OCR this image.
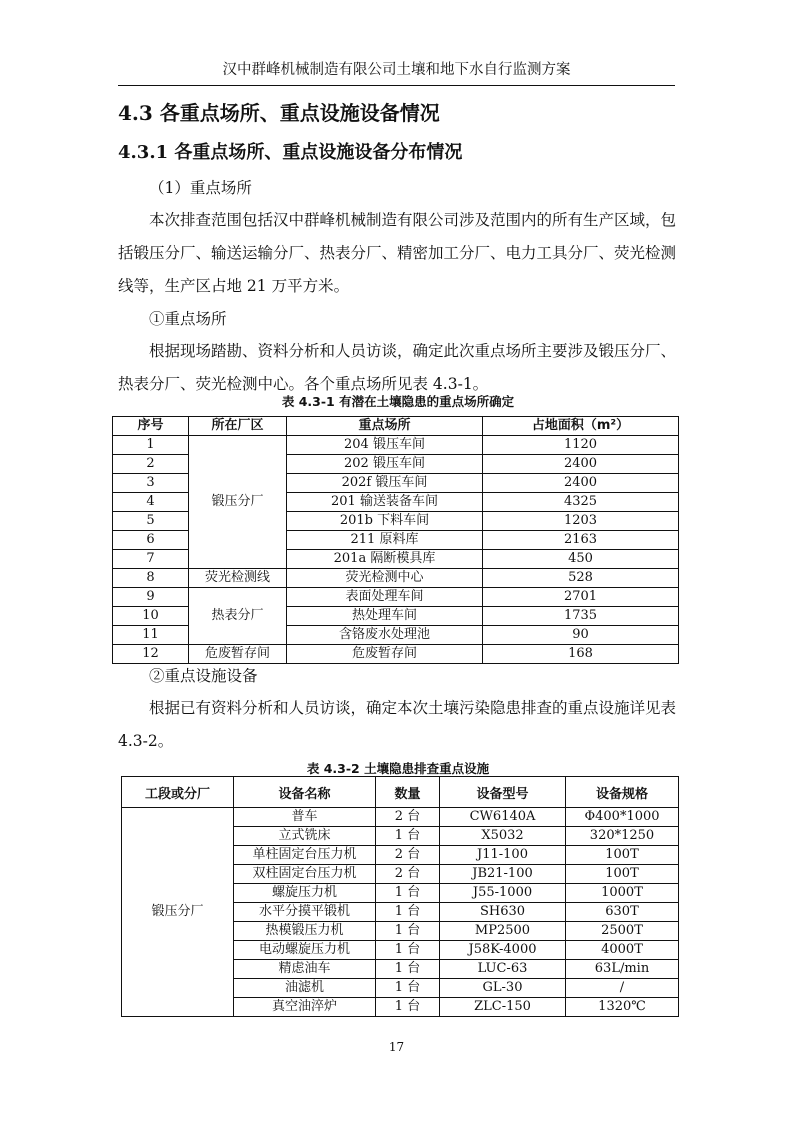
汉中群峰机械制造有限公司土壤和地下水自行监测方案
4.3 各重点场所、重点设施设备情况
4.3.1 各重点场所、重点设施设备分布情况

（1）重点场所

本次排查范围包括汉中群峰机械制造有限公司涉及范围内的所有生产区域，包括锻压分厂、输送运输分厂、热表分厂、精密加工分厂、电力工具分厂、荧光检测线等，生产区占地 21 万平方米。

①重点场所

根据现场踏勘、资料分析和人员访谈，确定此次重点场所主要涉及锻压分厂、热表分厂、荧光检测中心。各个重点场所见表 4.3-1。

表 4.3-1 有潜在土壤隐患的重点场所确定
序号	所在厂区	重点场所	占地面积（m²）
1	锻压分厂	204 锻压车间	1120
2		202 锻压车间	2400
3		202f 锻压车间	2400
4		201 输送装备车间	4325
5		201b 下料车间	1203
6		211 原料库	2163
7		201a 隔断模具库	450
8	荧光检测线	荧光检测中心	528
9	热表分厂	表面处理车间	2701
10		热处理车间	1735
11		含铬废水处理池	90
12	危废暂存间	危废暂存间	168

②重点设施设备

根据已有资料分析和人员访谈，确定本次土壤污染隐患排查的重点设施详见表 4.3-2。

表 4.3-2 土壤隐患排查重点设施
工段或分厂	设备名称	数量	设备型号	设备规格
锻压分厂	普车	2 台	CW6140A	Φ400*1000
	立式铣床	1 台	X5032	320*1250
	单柱固定台压力机	2 台	J11-100	100T
	双柱固定台压力机	2 台	JB21-100	100T
	螺旋压力机	1 台	J55-1000	1000T
	水平分摸平锻机	1 台	SH630	630T
	热模锻压力机	1 台	MP2500	2500T
	电动螺旋压力机	1 台	J58K-4000	4000T
	精虑油车	1 台	LUC-63	63L/min
	油滤机	1 台	GL-30	/
	真空油淬炉	1 台	ZLC-150	1320℃
17
